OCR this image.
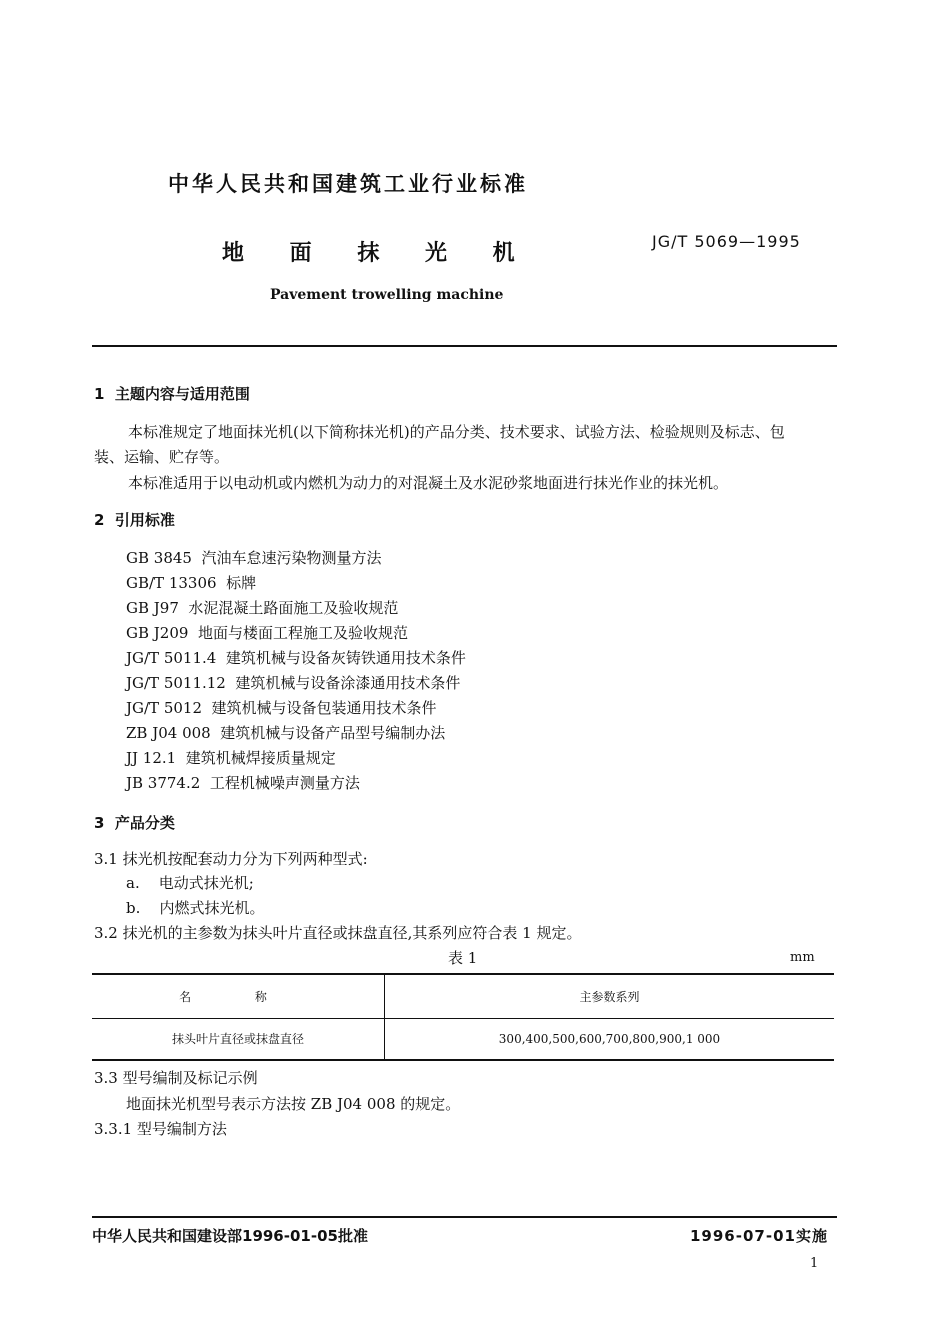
中华人民共和国建筑工业行业标准
地 面 抹 光 机	JG/T 5069—1995
Pavement trowelling machine
1 主题内容与适用范围
本标准规定了地面抹光机(以下简称抹光机)的产品分类、技术要求、试验方法、检验规则及标志、包
装、运输、贮存等。
本标准适用于以电动机或内燃机为动力的对混凝土及水泥砂浆地面进行抹光作业的抹光机。
2 引用标准
GB 3845 汽油车怠速污染物测量方法
GB/T 13306 标牌
GB J97 水泥混凝土路面施工及验收规范
GB J209 地面与楼面工程施工及验收规范
JG/T 5011.4 建筑机械与设备灰铸铁通用技术条件
JG/T 5011.12 建筑机械与设备涂漆通用技术条件
JG/T 5012 建筑机械与设备包装通用技术条件
ZB J04 008 建筑机械与设备产品型号编制办法
JJ 12.1 建筑机械焊接质量规定
JB 3774.2 工程机械噪声测量方法
3 产品分类
3.1 抹光机按配套动力分为下列两种型式:
a. 电动式抹光机;
b. 内燃式抹光机。
3.2 抹光机的主参数为抹头叶片直径或抹盘直径,其系列应符合表 1 规定。
表 1	mm
名 称	主参数系列
抹头叶片直径或抹盘直径	300,400,500,600,700,800,900,1 000
3.3 型号编制及标记示例
地面抹光机型号表示方法按 ZB J04 008 的规定。
3.3.1 型号编制方法
中华人民共和国建设部1996-01-05批准	1996-07-01实施
1
